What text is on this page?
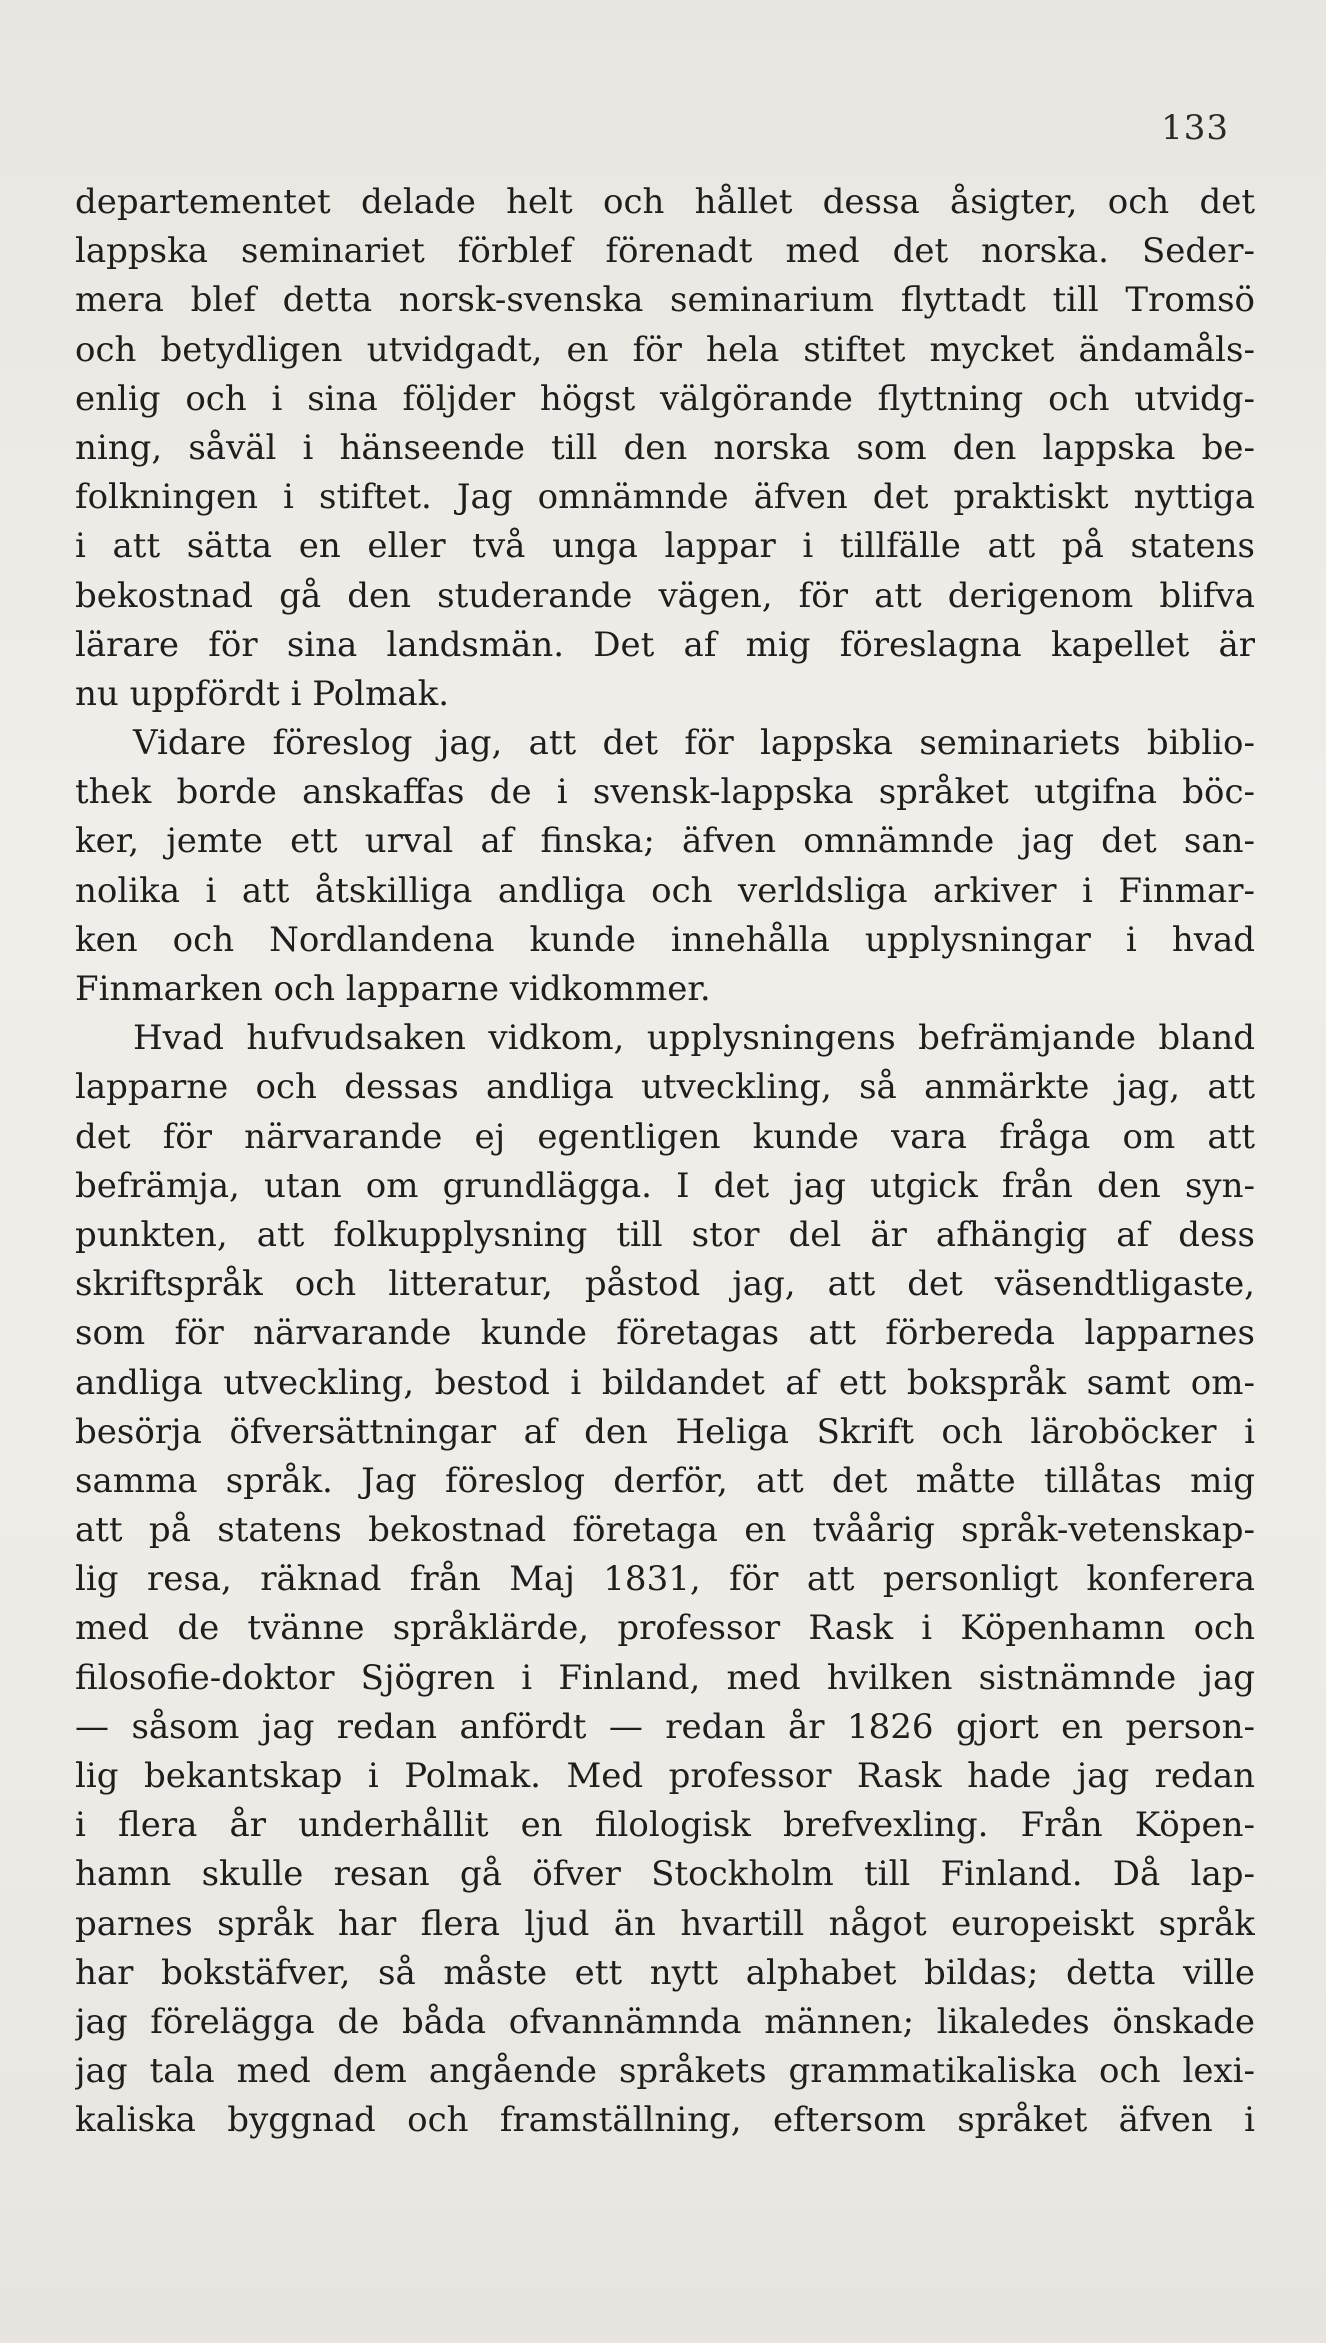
133
departementet delade helt och hållet dessa åsigter, och det
lappska seminariet förblef förenadt med det norska. Seder-
mera blef detta norsk-svenska seminarium flyttadt till Tromsö
och betydligen utvidgadt, en för hela stiftet mycket ändamåls-
enlig och i sina följder högst välgörande flyttning och utvidg-
ning, såväl i hänseende till den norska som den lappska be-
folkningen i stiftet. Jag omnämnde äfven det praktiskt nyttiga
i att sätta en eller två unga lappar i tillfälle att på statens
bekostnad gå den studerande vägen, för att derigenom blifva
lärare för sina landsmän. Det af mig föreslagna kapellet är
nu uppfördt i Polmak.
Vidare föreslog jag, att det för lappska seminariets biblio-
thek borde anskaffas de i svensk-lappska språket utgifna böc-
ker, jemte ett urval af finska; äfven omnämnde jag det san-
nolika i att åtskilliga andliga och verldsliga arkiver i Finmar-
ken och Nordlandena kunde innehålla upplysningar i hvad
Finmarken och lapparne vidkommer.
Hvad hufvudsaken vidkom, upplysningens befrämjande bland
lapparne och dessas andliga utveckling, så anmärkte jag, att
det för närvarande ej egentligen kunde vara fråga om att
befrämja, utan om grundlägga. I det jag utgick från den syn-
punkten, att folkupplysning till stor del är afhängig af dess
skriftspråk och litteratur, påstod jag, att det väsendtligaste,
som för närvarande kunde företagas att förbereda lapparnes
andliga utveckling, bestod i bildandet af ett bokspråk samt om-
besörja öfversättningar af den Heliga Skrift och läroböcker i
samma språk. Jag föreslog derför, att det måtte tillåtas mig
att på statens bekostnad företaga en tvåårig språk-vetenskap-
lig resa, räknad från Maj 1831, för att personligt konferera
med de tvänne språklärde, professor Rask i Köpenhamn och
filosofie-doktor Sjögren i Finland, med hvilken sistnämnde jag
— såsom jag redan anfördt — redan år 1826 gjort en person-
lig bekantskap i Polmak. Med professor Rask hade jag redan
i flera år underhållit en filologisk brefvexling. Från Köpen-
hamn skulle resan gå öfver Stockholm till Finland. Då lap-
parnes språk har flera ljud än hvartill något europeiskt språk
har bokstäfver, så måste ett nytt alphabet bildas; detta ville
jag förelägga de båda ofvannämnda männen; likaledes önskade
jag tala med dem angående språkets grammatikaliska och lexi-
kaliska byggnad och framställning, eftersom språket äfven i
